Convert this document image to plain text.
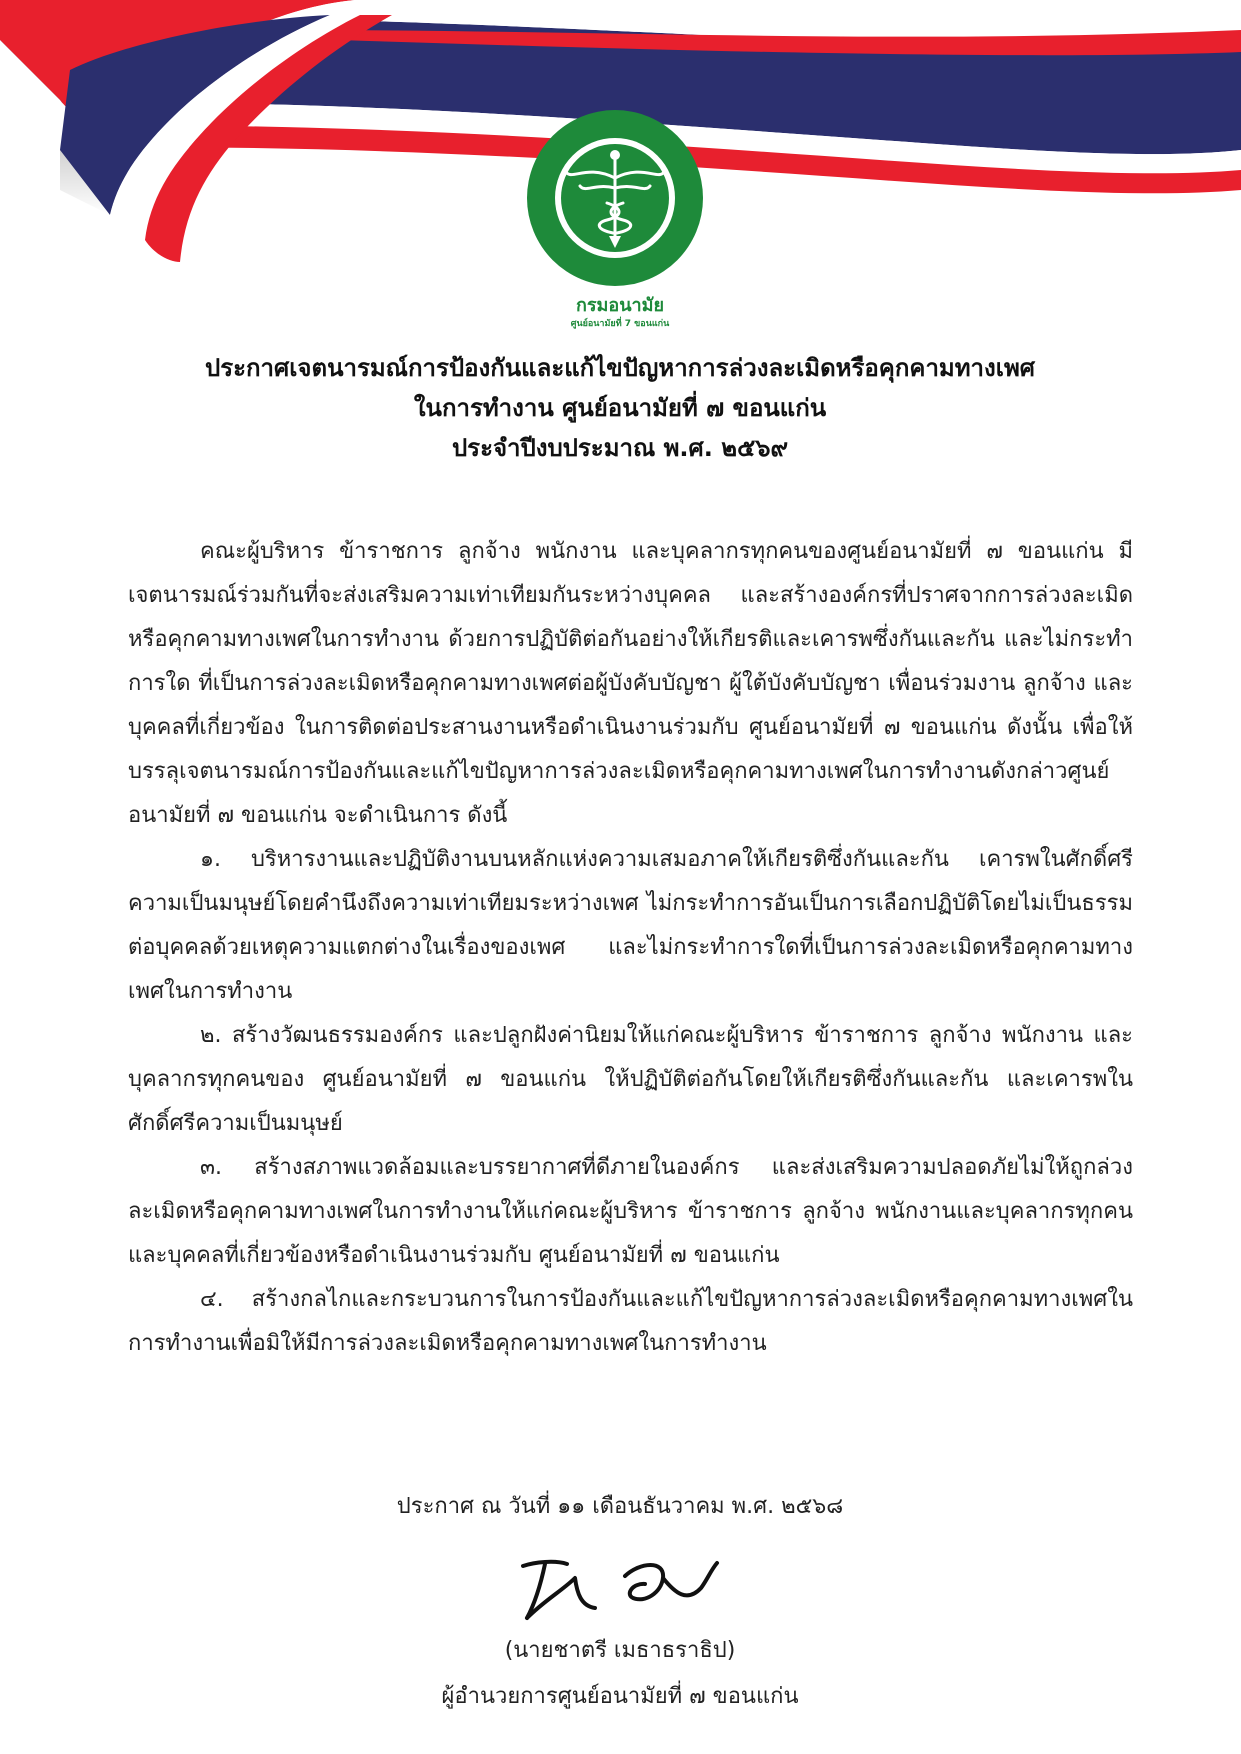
กรมอนามัย
ศูนย์อนามัยที่ 7 ขอนแก่น
ประกาศเจตนารมณ์การป้องกันและแก้ไขปัญหาการล่วงละเมิดหรือคุกคามทางเพศ
ในการทำงาน ศูนย์อนามัยที่ ๗ ขอนแก่น
ประจำปีงบประมาณ พ.ศ. ๒๕๖๙

คณะผู้บริหาร ข้าราชการ ลูกจ้าง พนักงาน และบุคลากรทุกคนของศูนย์อนามัยที่ ๗ ขอนแก่น มีเจตนารมณ์ร่วมกันที่จะส่งเสริมความเท่าเทียมกันระหว่างบุคคล และสร้างองค์กรที่ปราศจากการล่วงละเมิดหรือคุกคามทางเพศในการทำงาน ด้วยการปฏิบัติต่อกันอย่างให้เกียรติและเคารพซึ่งกันและกัน และไม่กระทำการใด ที่เป็นการล่วงละเมิดหรือคุกคามทางเพศต่อผู้บังคับบัญชา ผู้ใต้บังคับบัญชา เพื่อนร่วมงาน ลูกจ้าง และบุคคลที่เกี่ยวข้อง ในการติดต่อประสานงานหรือดำเนินงานร่วมกับ ศูนย์อนามัยที่ ๗ ขอนแก่น ดังนั้น เพื่อให้บรรลุเจตนารมณ์การป้องกันและแก้ไขปัญหาการล่วงละเมิดหรือคุกคามทางเพศในการทำงานดังกล่าวศูนย์อนามัยที่ ๗ ขอนแก่น จะดำเนินการ ดังนี้

๑. บริหารงานและปฏิบัติงานบนหลักแห่งความเสมอภาคให้เกียรติซึ่งกันและกัน เคารพในศักดิ์ศรีความเป็นมนุษย์โดยคำนึงถึงความเท่าเทียมระหว่างเพศ ไม่กระทำการอันเป็นการเลือกปฏิบัติโดยไม่เป็นธรรมต่อบุคคลด้วยเหตุความแตกต่างในเรื่องของเพศ และไม่กระทำการใดที่เป็นการล่วงละเมิดหรือคุกคามทางเพศในการทำงาน

๒. สร้างวัฒนธรรมองค์กร และปลูกฝังค่านิยมให้แก่คณะผู้บริหาร ข้าราชการ ลูกจ้าง พนักงาน และบุคลากรทุกคนของ ศูนย์อนามัยที่ ๗ ขอนแก่น ให้ปฏิบัติต่อกันโดยให้เกียรติซึ่งกันและกัน และเคารพในศักดิ์ศรีความเป็นมนุษย์

๓. สร้างสภาพแวดล้อมและบรรยากาศที่ดีภายในองค์กร และส่งเสริมความปลอดภัยไม่ให้ถูกล่วงละเมิดหรือคุกคามทางเพศในการทำงานให้แก่คณะผู้บริหาร ข้าราชการ ลูกจ้าง พนักงานและบุคลากรทุกคน และบุคคลที่เกี่ยวข้องหรือดำเนินงานร่วมกับ ศูนย์อนามัยที่ ๗ ขอนแก่น

๔. สร้างกลไกและกระบวนการในการป้องกันและแก้ไขปัญหาการล่วงละเมิดหรือคุกคามทางเพศในการทำงานเพื่อมิให้มีการล่วงละเมิดหรือคุกคามทางเพศในการทำงาน

ประกาศ ณ วันที่ ๑๑ เดือนธันวาคม พ.ศ. ๒๕๖๘
(นายชาตรี เมธาธราธิป)
ผู้อำนวยการศูนย์อนามัยที่ ๗ ขอนแก่น
